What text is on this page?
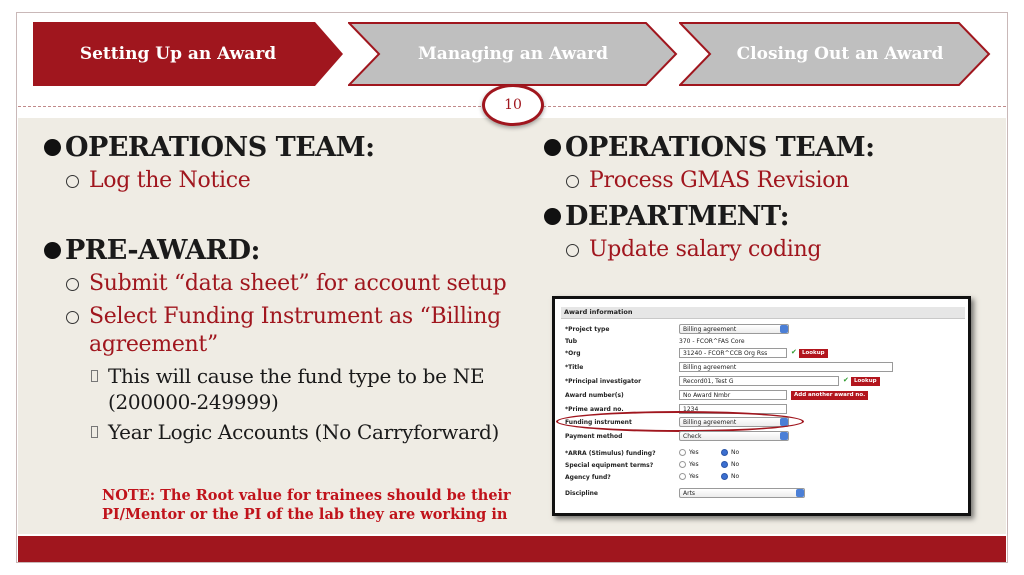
Setting Up an Award	Managing an Award	Closing Out an Award
10
OPERATIONS TEAM:
Log the Notice
PRE-AWARD:
Submit “data sheet” for account setup
Select Funding Instrument as “Billing
agreement”
This will cause the fund type to be NE
(200000-249999)
Year Logic Accounts (No Carryforward)
NOTE: The Root value for trainees should be their
PI/Mentor or the PI of the lab they are working in
OPERATIONS TEAM:
Process GMAS Revision
DEPARTMENT:
Update salary coding
Award information
*Project type	Billing agreement
Tub	370 - FCOR^FAS Core
*Org	31240 - FCOR^CCB Org Rss	✔ Lookup
*Title	Billing agreement
*Principal investigator	Record01, Test G	✔ Lookup
Award number(s)	No Award Nmbr	Add another award no.
*Prime award no.	1234
Funding instrument	Billing agreement
Payment method	Check
*ARRA (Stimulus) funding?	Yes	No
Special equipment terms?	Yes	No
Agency fund?	Yes	No
Discipline	Arts
